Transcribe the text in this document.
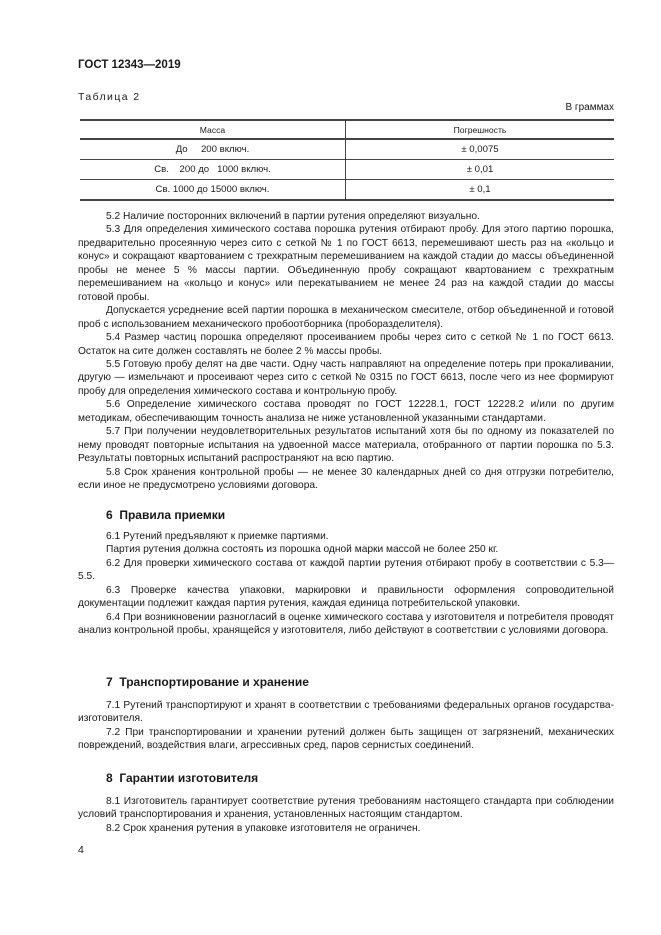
ГОСТ 12343—2019
Таблица 2
В граммах
Масса	Погрешность
До     200 включ.	± 0,0075
Св.    200 до   1000 включ.	± 0,01
Св. 1000 до 15000 включ.	± 0,1

5.2 Наличие посторонних включений в партии рутения определяют визуально.

5.3 Для определения химического состава порошка рутения отбирают пробу. Для этого партию порошка, предварительно просеянную через сито с сеткой № 1 по ГОСТ 6613, перемешивают шесть раз на «кольцо и конус» и сокращают квартованием с трехкратным перемешиванием на каждой стадии до массы объединенной пробы не менее 5 % массы партии. Объединенную пробу сокращают квартованием с трехкратным перемешиванием на «кольцо и конус» или перекатыванием не менее 24 раз на каждой стадии до массы готовой пробы.

Допускается усреднение всей партии порошка в механическом смесителе, отбор объединенной и готовой проб с использованием механического пробоотборника (проборазделителя).

5.4 Размер частиц порошка определяют просеиванием пробы через сито с сеткой № 1 по ГОСТ 6613. Остаток на сите должен составлять не более 2 % массы пробы.

5.5 Готовую пробу делят на две части. Одну часть направляют на определение потерь при прокаливании, другую — измельчают и просеивают через сито с сеткой № 0315 по ГОСТ 6613, после чего из нее формируют пробу для определения химического состава и контрольную пробу.

5.6 Определение химического состава проводят по ГОСТ 12228.1, ГОСТ 12228.2 и/или по другим методикам, обеспечивающим точность анализа не ниже установленной указанными стандартами.

5.7 При получении неудовлетворительных результатов испытаний хотя бы по одному из показателей по нему проводят повторные испытания на удвоенной массе материала, отобранного от партии порошка по 5.3. Результаты повторных испытаний распространяют на всю партию.

5.8 Срок хранения контрольной пробы — не менее 30 календарных дней со дня отгрузки потребителю, если иное не предусмотрено условиями договора.

6  Правила приемки

6.1 Рутений предъявляют к приемке партиями.

Партия рутения должна состоять из порошка одной марки массой не более 250 кг.

6.2 Для проверки химического состава от каждой партии рутения отбирают пробу в соответствии с 5.3—5.5.

6.3 Проверке качества упаковки, маркировки и правильности оформления сопроводительной документации подлежит каждая партия рутения, каждая единица потребительской упаковки.

6.4 При возникновении разногласий в оценке химического состава у изготовителя и потребителя проводят анализ контрольной пробы, хранящейся у изготовителя, либо действуют в соответствии с условиями договора.

7  Транспортирование и хранение

7.1 Рутений транспортируют и хранят в соответствии с требованиями федеральных органов государства-изготовителя.

7.2 При транспортировании и хранении рутений должен быть защищен от загрязнений, механических повреждений, воздействия влаги, агрессивных сред, паров сернистых соединений.

8  Гарантии изготовителя

8.1 Изготовитель гарантирует соответствие рутения требованиям настоящего стандарта при соблюдении условий транспортирования и хранения, установленных настоящим стандартом.

8.2 Срок хранения рутения в упаковке изготовителя не ограничен.

4
